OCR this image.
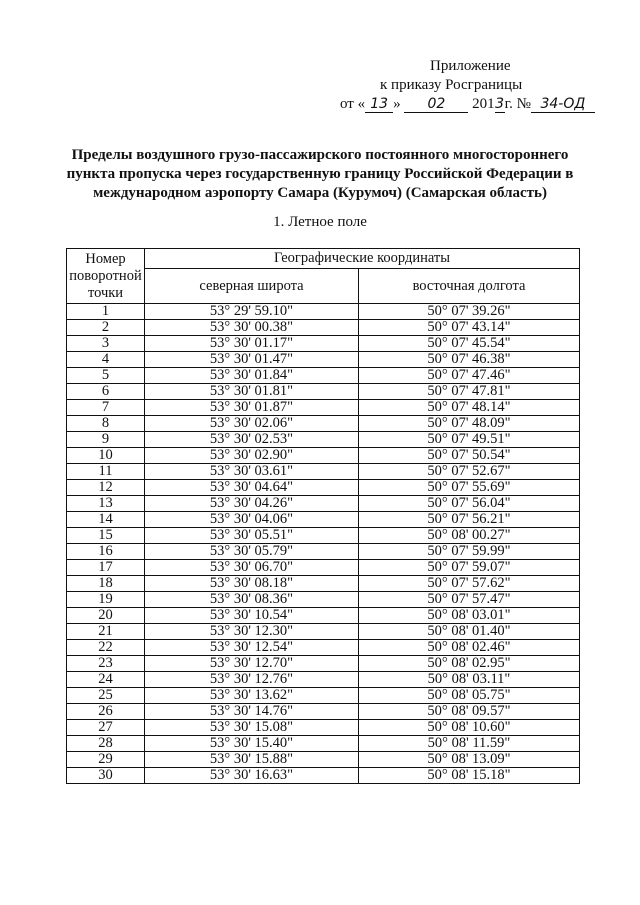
Приложение
к приказу Росграницы
от « 13 » 02 2013г. № 34-ОД
Пределы воздушного грузо-пассажирского постоянного многостороннего пункта пропуска через государственную границу Российской Федерации в международном аэропорту Самара (Курумоч) (Самарская область)
1. Летное поле
Номер поворотной точки	Географические координаты	
	северная широта	восточная долгота
1	53° 29' 59.10"	50° 07' 39.26"
2	53° 30' 00.38"	50° 07' 43.14"
3	53° 30' 01.17"	50° 07' 45.54"
4	53° 30' 01.47"	50° 07' 46.38"
5	53° 30' 01.84"	50° 07' 47.46"
6	53° 30' 01.81"	50° 07' 47.81"
7	53° 30' 01.87"	50° 07' 48.14"
8	53° 30' 02.06"	50° 07' 48.09"
9	53° 30' 02.53"	50° 07' 49.51"
10	53° 30' 02.90"	50° 07' 50.54"
11	53° 30' 03.61"	50° 07' 52.67"
12	53° 30' 04.64"	50° 07' 55.69"
13	53° 30' 04.26"	50° 07' 56.04"
14	53° 30' 04.06"	50° 07' 56.21"
15	53° 30' 05.51"	50° 08' 00.27"
16	53° 30' 05.79"	50° 07' 59.99"
17	53° 30' 06.70"	50° 07' 59.07"
18	53° 30' 08.18"	50° 07' 57.62"
19	53° 30' 08.36"	50° 07' 57.47"
20	53° 30' 10.54"	50° 08' 03.01"
21	53° 30' 12.30"	50° 08' 01.40"
22	53° 30' 12.54"	50° 08' 02.46"
23	53° 30' 12.70"	50° 08' 02.95"
24	53° 30' 12.76"	50° 08' 03.11"
25	53° 30' 13.62"	50° 08' 05.75"
26	53° 30' 14.76"	50° 08' 09.57"
27	53° 30' 15.08"	50° 08' 10.60"
28	53° 30' 15.40"	50° 08' 11.59"
29	53° 30' 15.88"	50° 08' 13.09"
30	53° 30' 16.63"	50° 08' 15.18"
